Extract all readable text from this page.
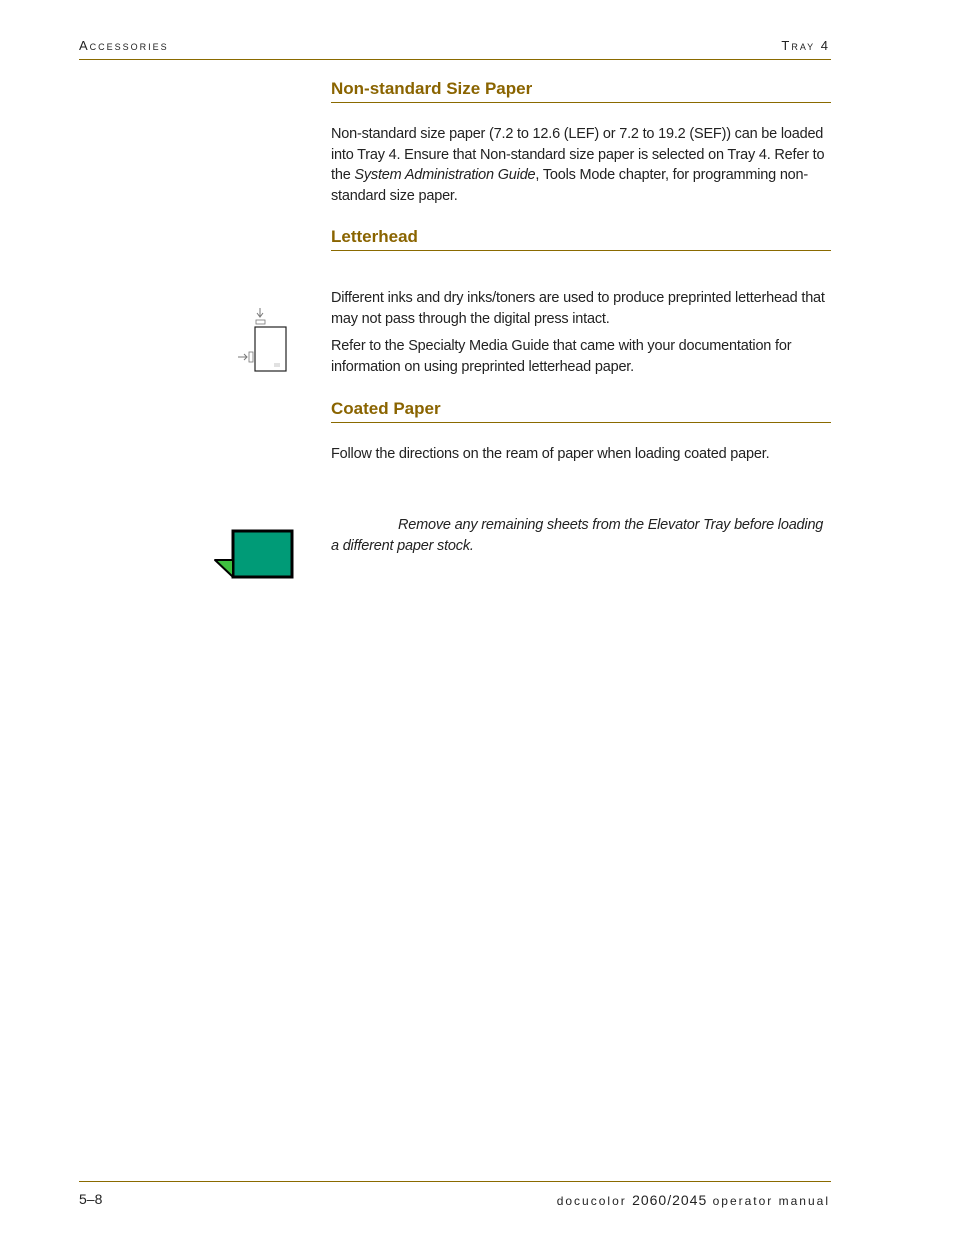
Accessories	Tray 4
Non-standard Size Paper
Non-standard size paper (7.2 to 12.6 (LEF) or 7.2 to 19.2 (SEF)) can be loaded into Tray 4. Ensure that Non-standard size paper is selected on Tray 4. Refer to the System Administration Guide, Tools Mode chapter, for programming non-standard size paper.
Letterhead
Different inks and dry inks/toners are used to produce preprinted letterhead that may not pass through the digital press intact.
Refer to the Specialty Media Guide that came with your documentation for information on using preprinted letterhead paper.
Coated Paper
Follow the directions on the ream of paper when loading coated paper.
Remove any remaining sheets from the Elevator Tray before loading a different paper stock.
5–8	docucolor 2060/2045 operator manual
